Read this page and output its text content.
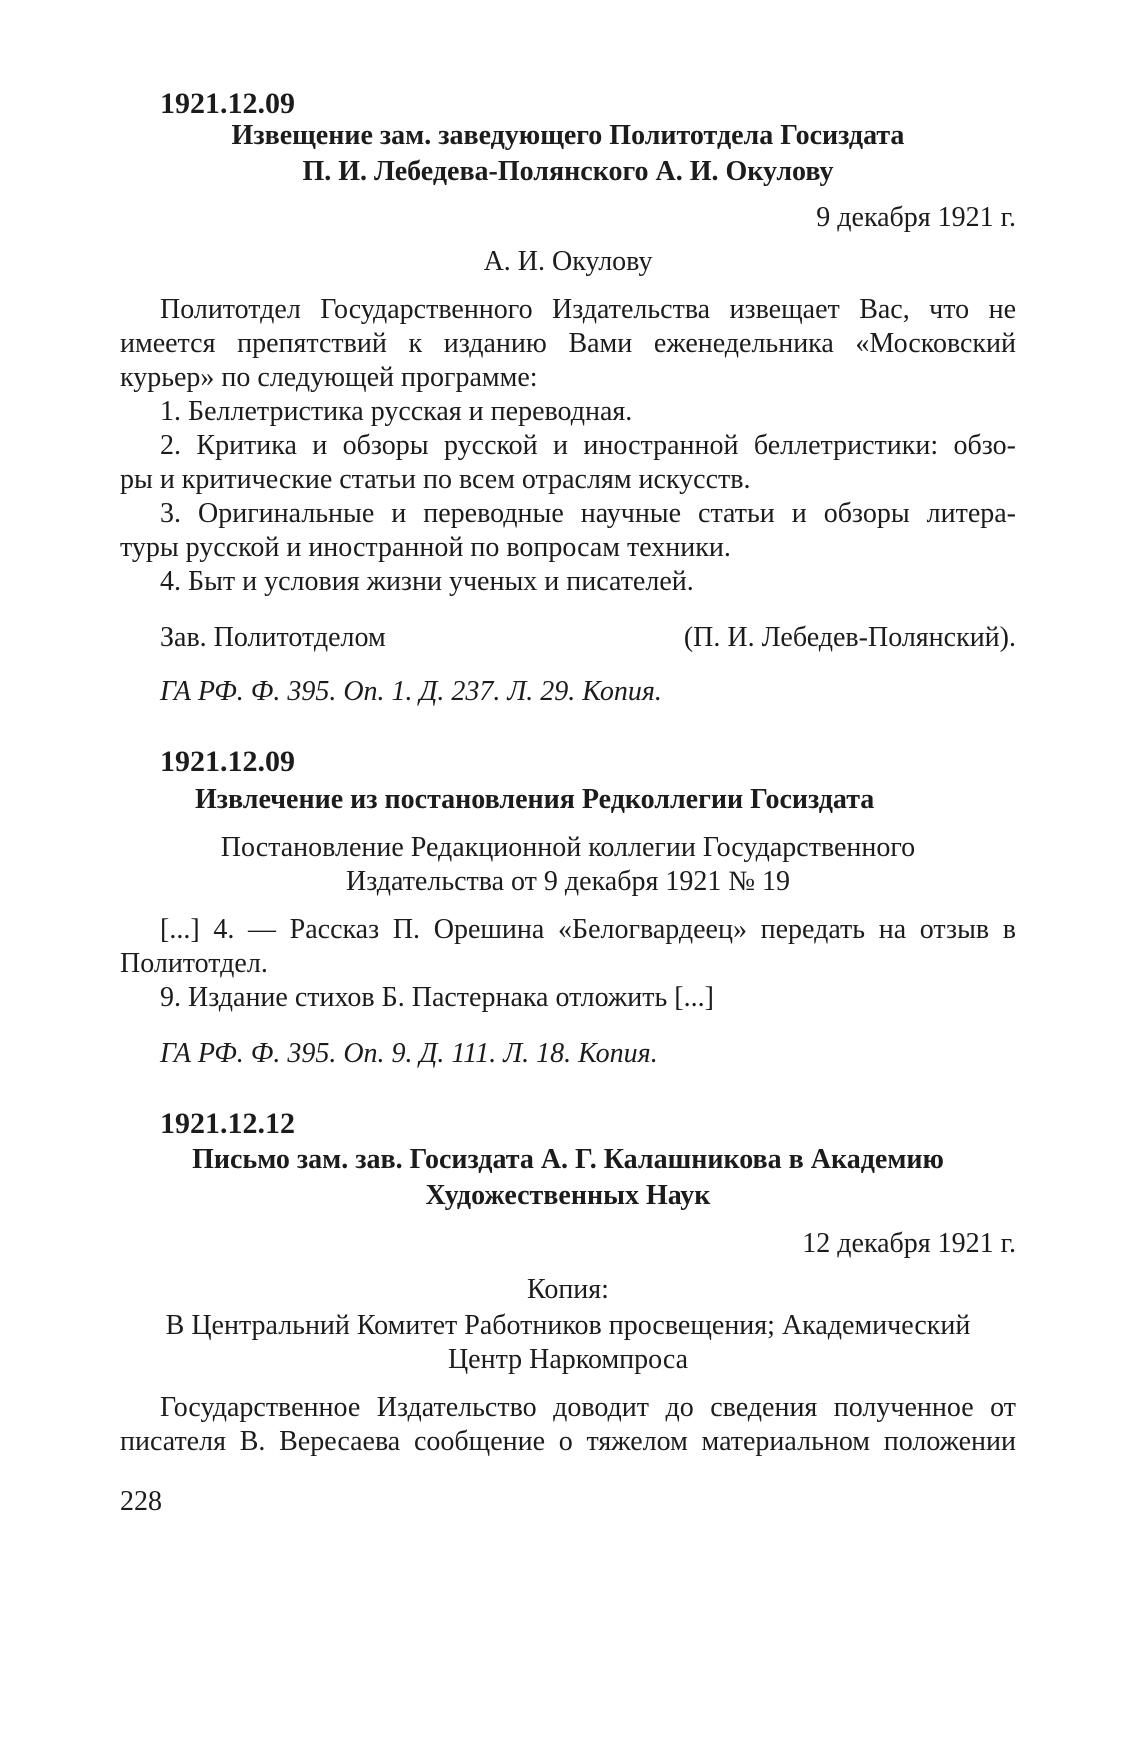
1921.12.09
Извещение зам. заведующего Политотдела Госиздата
П. И. Лебедева-Полянского А. И. Окулову
9 декабря 1921 г.
А. И. Окулову
Политотдел Государственного Издательства извещает Вас, что не
имеется препятствий к изданию Вами еженедельника «Московский
курьер» по следующей программе:
1. Беллетристика русская и переводная.
2. Критика и обзоры русской и иностранной беллетристики: обзо-
ры и критические статьи по всем отраслям искусств.
3. Оригинальные и переводные научные статьи и обзоры литера-
туры русской и иностранной по вопросам техники.
4. Быт и условия жизни ученых и писателей.
Зав. Политотделом	(П. И. Лебедев-Полянский).
ГА РФ. Ф. 395. Оп. 1. Д. 237. Л. 29. Копия.
1921.12.09
Извлечение из постановления Редколлегии Госиздата
Постановление Редакционной коллегии Государственного
Издательства от 9 декабря 1921 № 19
[...] 4. — Рассказ П. Орешина «Белогвардеец» передать на отзыв в
Политотдел.
9. Издание стихов Б. Пастернака отложить [...]
ГА РФ. Ф. 395. Оп. 9. Д. 111. Л. 18. Копия.
1921.12.12
Письмо зам. зав. Госиздата А. Г. Калашникова в Академию
Художественных Наук
12 декабря 1921 г.
Копия:
В Центральний Комитет Работников просвещения; Академический
Центр Наркомпроса
Государственное Издательство доводит до сведения полученное от
писателя В. Вересаева сообщение о тяжелом материальном положении
228
